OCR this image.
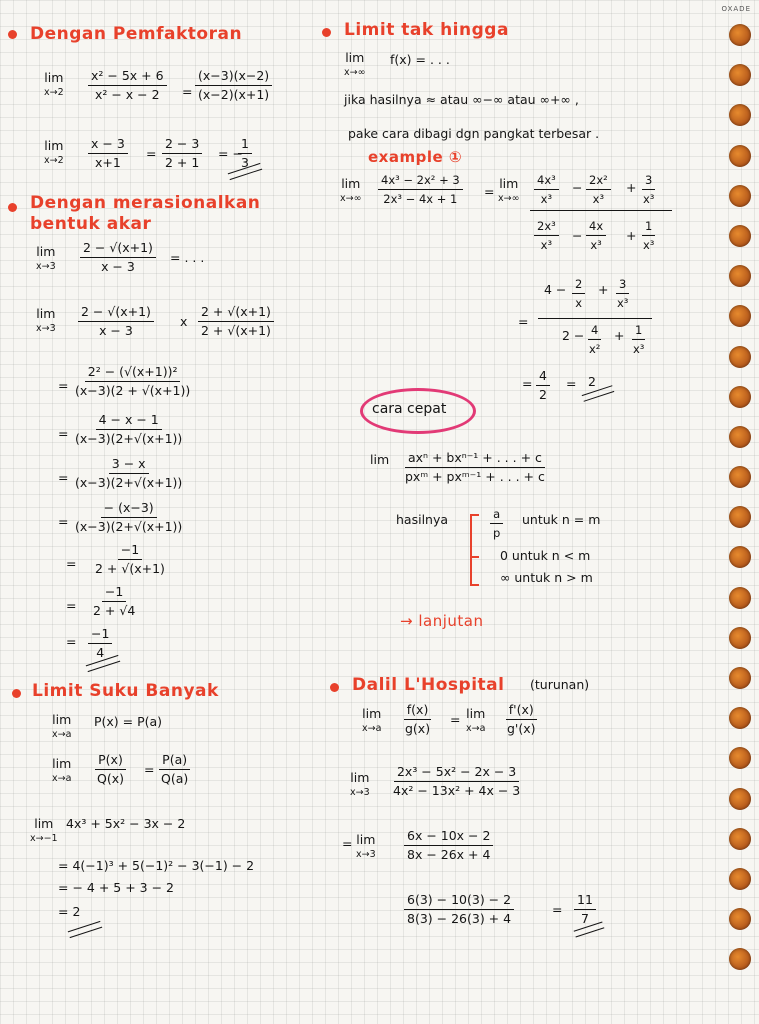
OXADE
Dengan Pemfaktoran
lim
$x\to 2 \frac{\text{x² − 5x + 6}}{\text{x² − x − 2}} = \frac{(x-3)(x-2)}{(x-2)(x+1)}$
lim
$x\to 2 \frac{x - 3}{x+1} = \frac{2 - 3}{2 + 1}$ = −
$\frac{1}{3}$
Dengan merasionalkan
bentuk akar
lim
$x\to 3 \frac{2 - √(x+1)}{x - 3}$ = . . .
lim
$x\to 3 \frac{2 - √(x+1)}{x - 3}$ x $\frac{2 + √(x+1)}{2 + √(x+1)}$
= $\frac{\text{2² − (√(x+1))²}}{(x-3)(2 + √(x+1))}$
= $\frac{4 - x - 1}{(x-3)(2+√(x+1))}$
= $\frac{3 - x}{(x-3)(2+√(x+1))}$
= $\frac{- (x-3)}{(x-3)(2+√(x+1))}$
= $\frac{-1}{2 + √(x+1)}$
= $\frac{-1}{2 + √4}$
= $\frac{-1}{4}$
Limit Suku Banyak
lim
x→a
P(x) = P(a)
lim
$x\to a \frac{P(x)}{Q(x)} = \frac{P(a)}{Q(a)}$
lim
x→−1
4x³ + 5x² − 3x − 2
= 4(−1)³ + 5(−1)² − 3(−1) − 2
= − 4 + 5 + 3 − 2
= 2
Limit tak hingga
lim
x→∞
f(x) = . . .
jika hasilnya ≈ atau ∞−∞ atau ∞+∞ ,
pake cara dibagi dgn pangkat terbesar .
example ①
lim
$x\to\infty \frac{\text{4x³ − 2x² + 3}}{\text{2x³ − 4x + 1}}$ =
lim
$x\to\infty \frac{\text{4x³}}{\text{x³}} - \frac{\text{2x²}}{\text{x³}} + \frac{3}{\text{x³}}$
$\frac{\text{2x³}}{\text{x³}} - \frac{4x}{\text{x³}} + \frac{1}{\text{x³}}$
$4 - \frac{2}{x} + \frac{3}{\text{x³}}$
=
$2 - \frac{4}{\text{x²}} + \frac{1}{\text{x³}}$
= $\frac{4}{2} = 2$
cara cepat
lim axⁿ + bxⁿ⁻¹ + . . . + c
pxᵐ + pxᵐ⁻¹ + . . . + c
hasilnya	$\frac{a}{p}$ untuk n = m
0 untuk n < m
∞ untuk n > m
→ lanjutan
Dalil L'Hospital (turunan)
lim
$x\to a \frac{f(x)}{g(x)} = \lim$
$x\to a \frac{f'(x)}{g'(x)}$
lim
$x\to 3 \frac{\text{2x³ − 5x² − 2x − 3}}{\text{4x² − 13x² + 4x − 3}}$
= lim
$x\to 3 \frac{6x - 10x - 2}{8x - 26x + 4}$
$\frac{6(3) - 10(3) - 2}{8(3) - 26(3) + 4}$	= $\frac{11}{7}$
